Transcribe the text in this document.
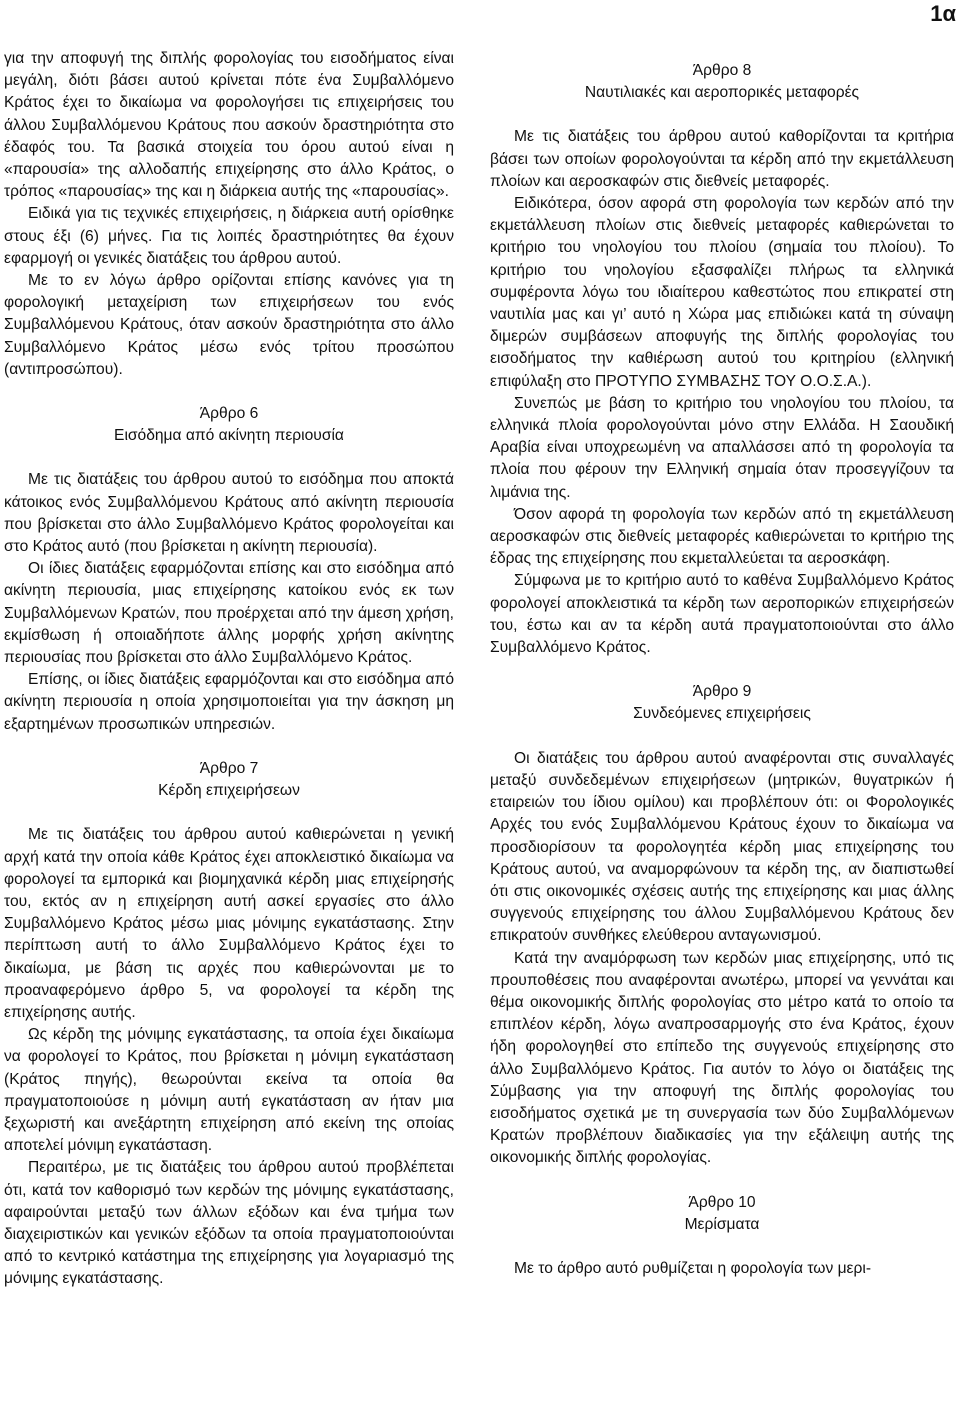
1α

για την αποφυγή της διπλής φορολογίας του εισοδήματος είναι μεγάλη, διότι βάσει αυτού κρίνεται πότε ένα Συμβαλλόμενο Κράτος έχει το δικαίωμα να φορολογήσει τις επιχειρήσεις του άλλου Συμβαλλόμενου Κράτους που ασκούν δραστηριότητα στο έδαφός του. Τα βασικά στοιχεία του όρου αυτού είναι η «παρουσία» της αλλοδαπής επιχείρησης στο άλλο Κράτος, ο τρόπος «παρουσίας» της και η διάρκεια αυτής της «παρουσίας».

Ειδικά για τις τεχνικές επιχειρήσεις, η διάρκεια αυτή ορίσθηκε στους έξι (6) μήνες. Για τις λοιπές δραστηριότητες θα έχουν εφαρμογή οι γενικές διατάξεις του άρθρου αυτού.

Με το εν λόγω άρθρο ορίζονται επίσης κανόνες για τη φορολογική μεταχείριση των επιχειρήσεων του ενός Συμβαλλόμενου Κράτους, όταν ασκούν δραστηριότητα στο άλλο Συμβαλλόμενο Κράτος μέσω ενός τρίτου προσώπου (αντιπροσώπου).

Άρθρο 6
Εισόδημα από ακίνητη περιουσία

Με τις διατάξεις του άρθρου αυτού το εισόδημα που αποκτά κάτοικος ενός Συμβαλλόμενου Κράτους από ακίνητη περιουσία που βρίσκεται στο άλλο Συμβαλλόμενο Κράτος φορολογείται και στο Κράτος αυτό (που βρίσκεται η ακίνητη περιουσία).

Οι ίδιες διατάξεις εφαρμόζονται επίσης και στο εισόδημα από ακίνητη περιουσία, μιας επιχείρησης κατοίκου ενός εκ των Συμβαλλόμενων Κρατών, που προέρχεται από την άμεση χρήση, εκμίσθωση ή οποιαδήποτε άλλης μορφής χρήση ακίνητης περιουσίας που βρίσκεται στο άλλο Συμβαλλόμενο Κράτος.

Επίσης, οι ίδιες διατάξεις εφαρμόζονται και στο εισόδημα από ακίνητη περιουσία η οποία χρησιμοποιείται για την άσκηση μη εξαρτημένων προσωπικών υπηρεσιών.

Άρθρο 7
Κέρδη επιχειρήσεων

Με τις διατάξεις του άρθρου αυτού καθιερώνεται η γενική αρχή κατά την οποία κάθε Κράτος έχει αποκλειστικό δικαίωμα να φορολογεί τα εμπορικά και βιομηχανικά κέρδη μιας επιχείρησής του, εκτός αν η επιχείρηση αυτή ασκεί εργασίες στο άλλο Συμβαλλόμενο Κράτος μέσω μιας μόνιμης εγκατάστασης. Στην περίπτωση αυτή το άλλο Συμβαλλόμενο Κράτος έχει το δικαίωμα, με βάση τις αρχές που καθιερώνονται με το προαναφερόμενο άρθρο 5, να φορολογεί τα κέρδη της επιχείρησης αυτής.

Ως κέρδη της μόνιμης εγκατάστασης, τα οποία έχει δικαίωμα να φορολογεί το Κράτος, που βρίσκεται η μόνιμη εγκατάσταση (Κράτος πηγής), θεωρούνται εκείνα τα οποία θα πραγματοποιούσε η μόνιμη αυτή εγκατάσταση αν ήταν μια ξεχωριστή και ανεξάρτητη επιχείρηση από εκείνη της οποίας αποτελεί μόνιμη εγκατάσταση.

Περαιτέρω, με τις διατάξεις του άρθρου αυτού προβλέπεται ότι, κατά τον καθορισμό των κερδών της μόνιμης εγκατάστασης, αφαιρούνται μεταξύ των άλλων εξόδων και ένα τμήμα των διαχειριστικών και γενικών εξόδων τα οποία πραγματοποιούνται από το κεντρικό κατάστημα της επιχείρησης για λογαριασμό της μόνιμης εγκατάστασης.

Άρθρο 8
Ναυτιλιακές και αεροπορικές μεταφορές

Με τις διατάξεις του άρθρου αυτού καθορίζονται τα κριτήρια βάσει των οποίων φορολογούνται τα κέρδη από την εκμετάλλευση πλοίων και αεροσκαφών στις διεθνείς μεταφορές.

Ειδικότερα, όσον αφορά στη φορολογία των κερδών από την εκμετάλλευση πλοίων στις διεθνείς μεταφορές καθιερώνεται το κριτήριο του νηολογίου του πλοίου (σημαία του πλοίου). Το κριτήριο του νηολογίου εξασφαλίζει πλήρως τα ελληνικά συμφέροντα λόγω του ιδιαίτερου καθεστώτος που επικρατεί στη ναυτιλία μας και γι’ αυτό η Χώρα μας επιδιώκει κατά τη σύναψη διμερών συμβάσεων αποφυγής της διπλής φορολογίας του εισοδήματος την καθιέρωση αυτού του κριτηρίου (ελληνική επιφύλαξη στο ΠΡΟΤΥΠΟ ΣΥΜΒΑΣΗΣ ΤΟΥ Ο.Ο.Σ.Α.).

Συνεπώς με βάση το κριτήριο του νηολογίου του πλοίου, τα ελληνικά πλοία φορολογούνται μόνο στην Ελλάδα. Η Σαουδική Αραβία είναι υποχρεωμένη να απαλλάσσει από τη φορολογία τα πλοία που φέρουν την Ελληνική σημαία όταν προσεγγίζουν τα λιμάνια της.

Όσον αφορά τη φορολογία των κερδών από τη εκμετάλλευση αεροσκαφών στις διεθνείς μεταφορές καθιερώνεται το κριτήριο της έδρας της επιχείρησης που εκμεταλλεύεται τα αεροσκάφη.

Σύμφωνα με το κριτήριο αυτό το καθένα Συμβαλλόμενο Κράτος φορολογεί αποκλειστικά τα κέρδη των αεροπορικών επιχειρήσεών του, έστω και αν τα κέρδη αυτά πραγματοποιούνται στο άλλο Συμβαλλόμενο Κράτος.

Άρθρο 9
Συνδεόμενες επιχειρήσεις

Οι διατάξεις του άρθρου αυτού αναφέρονται στις συναλλαγές μεταξύ συνδεδεμένων επιχειρήσεων (μητρικών, θυγατρικών ή εταιρειών του ίδιου ομίλου) και προβλέπουν ότι: οι Φορολογικές Αρχές του ενός Συμβαλλόμενου Κράτους έχουν το δικαίωμα να προσδιορίσουν τα φορολογητέα κέρδη μιας επιχείρησης του Κράτους αυτού, να αναμορφώνουν τα κέρδη της, αν διαπιστωθεί ότι στις οικονομικές σχέσεις αυτής της επιχείρησης και μιας άλλης συγγενούς επιχείρησης του άλλου Συμβαλλόμενου Κράτους δεν επικρατούν συνθήκες ελεύθερου ανταγωνισμού.

Κατά την αναμόρφωση των κερδών μιας επιχείρησης, υπό τις προυποθέσεις που αναφέρονται ανωτέρω, μπορεί να γεννάται και θέμα οικονομικής διπλής φορολογίας στο μέτρο κατά το οποίο τα επιπλέον κέρδη, λόγω αναπροσαρμογής στο ένα Κράτος, έχουν ήδη φορολογηθεί στο επίπεδο της συγγενούς επιχείρησης στο άλλο Συμβαλλόμενο Κράτος. Για αυτόν το λόγο οι διατάξεις της Σύμβασης για την αποφυγή της διπλής φορολογίας του εισοδήματος σχετικά με τη συνεργασία των δύο Συμβαλλόμενων Κρατών προβλέπουν διαδικασίες για την εξάλειψη αυτής της οικονομικής διπλής φορολογίας.

Άρθρο 10
Μερίσματα

Με το άρθρο αυτό ρυθμίζεται η φορολογία των μερι-
